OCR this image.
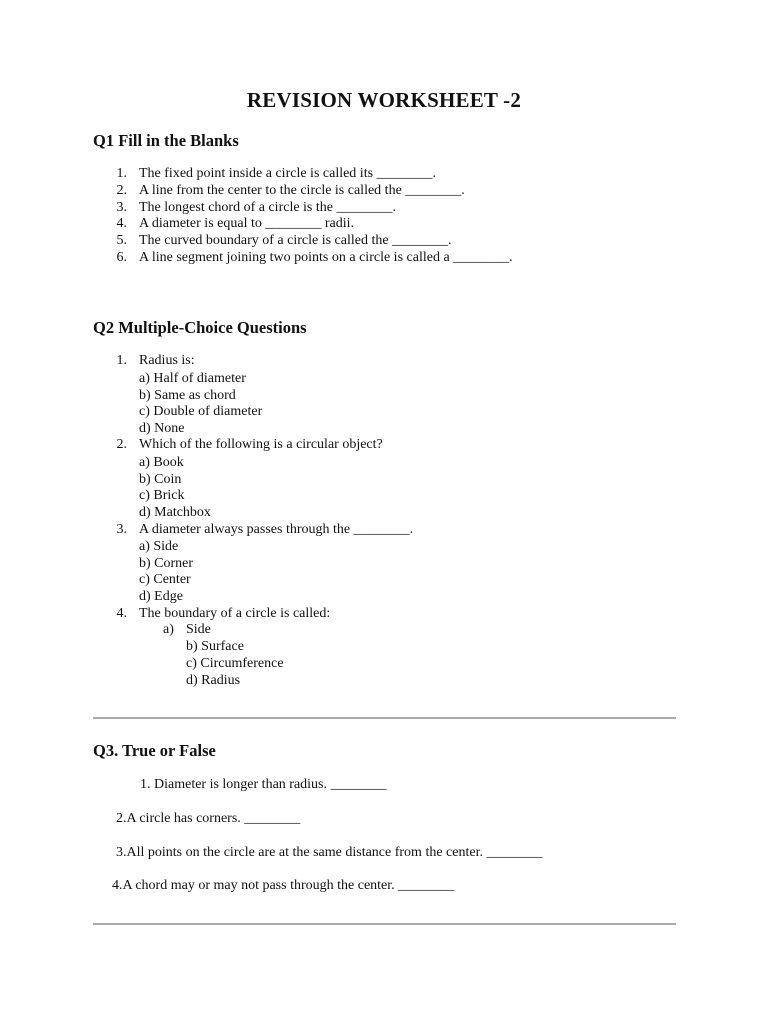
REVISION WORKSHEET -2
Q1 Fill in the Blanks
1. The fixed point inside a circle is called its ________.
2. A line from the center to the circle is called the ________.
3. The longest chord of a circle is the ________.
4. A diameter is equal to ________ radii.
5. The curved boundary of a circle is called the ________.
6. A line segment joining two points on a circle is called a ________.
Q2 Multiple-Choice Questions
1. Radius is:
a) Half of diameter
b) Same as chord
c) Double of diameter
d) None
2. Which of the following is a circular object?
a) Book
b) Coin
c) Brick
d) Matchbox
3. A diameter always passes through the ________.
a) Side
b) Corner
c) Center
d) Edge
4. The boundary of a circle is called:
a) Side
b) Surface
c) Circumference
d) Radius
Q3. True or False
1. Diameter is longer than radius. ________
2.A circle has corners. ________
3.All points on the circle are at the same distance from the center. ________
4.A chord may or may not pass through the center. ________
